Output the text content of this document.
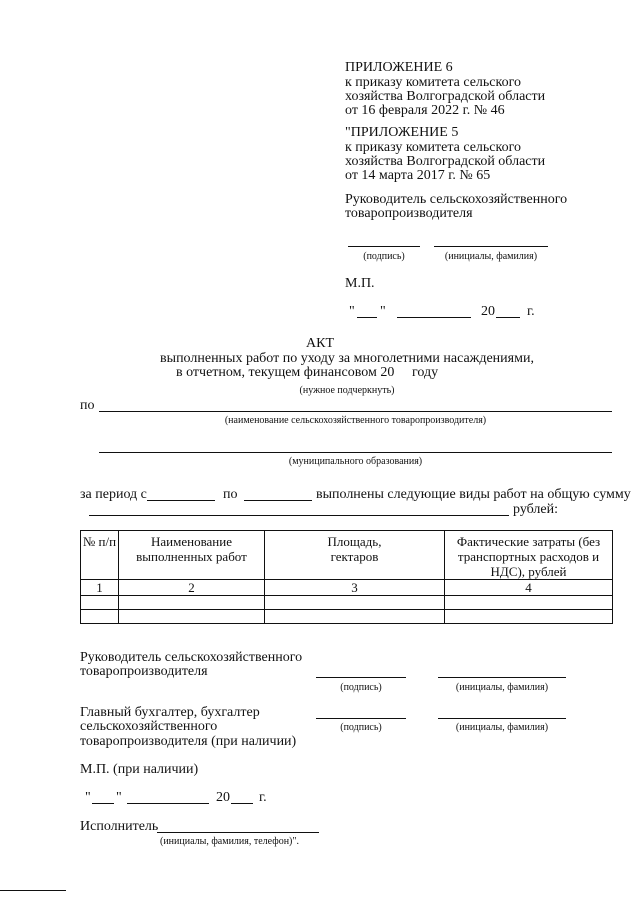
ПРИЛОЖЕНИЕ 6
к приказу комитета сельского
хозяйства Волгоградской области
от 16 февраля 2022 г. № 46
"ПРИЛОЖЕНИЕ 5
к приказу комитета сельского
хозяйства Волгоградской области
от 14 марта 2017 г. № 65
Руководитель сельскохозяйственного
товаропроизводителя
(подпись)	(инициалы, фамилия)
М.П.
" "	20 г.
АКТ
выполненных работ по уходу за многолетними насаждениями,
в отчетном, текущем финансовом 20 году
(нужное подчеркнуть)
по
(наименование сельскохозяйственного товаропроизводителя)
(муниципального образования)
за период с	по	выполнены следующие виды работ на общую сумму
рублей:
№ п/п	Наименование выполненных работ	Площадь, гектаров	Фактические затраты (без транспортных расходов и НДС), рублей
1	2	3	4

Руководитель сельскохозяйственного
товаропроизводителя
(подпись)	(инициалы, фамилия)
Главный бухгалтер, бухгалтер
сельскохозяйственного
товаропроизводителя (при наличии)
(подпись)	(инициалы, фамилия)
М.П. (при наличии)
" "	20 г.
Исполнитель
(инициалы, фамилия, телефон)".
